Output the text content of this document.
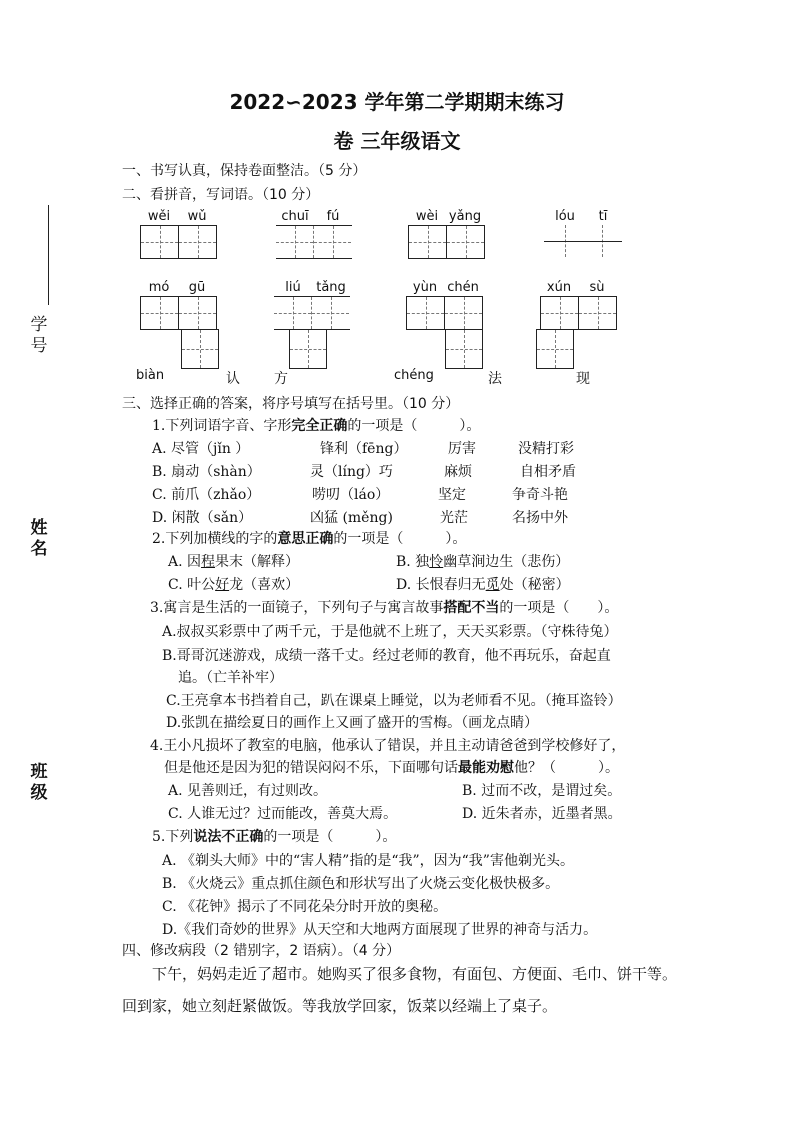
2022∽2023 学年第二学期期末练习
卷 三年级语文
学号
姓名
班级
一、书写认真，保持卷面整洁。（5 分）
二、看拼音，写词语。（10 分）
wěi	wǔ	chuī	fú	wèi yǎng	lóu	tī
mó	gū	liú	tǎng	yùn chén	xún	sù
biàn	认 方	chéng	法	现
三、选择正确的答案，将序号填写在括号里。（10 分）
1.下列词语字音、字形完全正确的一项是（　　　）。
A. 尽管（jǐn ）	锋利（fēng）	厉害	没精打彩
B. 扇动（shàn）	灵（líng）巧	麻烦	自相矛盾
C. 前爪（zhǎo）	唠叨（láo）	坚定	争奇斗艳
D. 闲散（sǎn）	凶猛 (měng)	光茫	名扬中外
2.下列加横线的字的意思正确的一项是（　　　）。
A. 因程果末（解释）	B. 独怜幽草涧边生（悲伤）
C. 叶公好龙（喜欢）	D. 长恨春归无觅处（秘密）
3.寓言是生活的一面镜子，下列句子与寓言故事搭配不当的一项是（　　）。
A.叔叔买彩票中了两千元，于是他就不上班了，天天买彩票。（守株待兔）
B.哥哥沉迷游戏，成绩一落千丈。经过老师的教育，他不再玩乐，奋起直
追。（亡羊补牢）
C.王亮拿本书挡着自己，趴在课桌上睡觉，以为老师看不见。（掩耳盗铃）
D.张凯在描绘夏日的画作上又画了盛开的雪梅。（画龙点睛）
4.王小凡损坏了教室的电脑，他承认了错误，并且主动请爸爸到学校修好了，
但是他还是因为犯的错误闷闷不乐，下面哪句话最能劝慰他？（　　　）。
A. 见善则迁，有过则改。	B. 过而不改，是谓过矣。
C. 人谁无过？过而能改，善莫大焉。	D. 近朱者赤，近墨者黑。
5.下列说法不正确的一项是（　　　）。
A. 《剃头大师》中的“害人精”指的是“我”，因为“我”害他剃光头。
B. 《火烧云》重点抓住颜色和形状写出了火烧云变化极快极多。
C. 《花钟》揭示了不同花朵分时开放的奥秘。
D.《我们奇妙的世界》从天空和大地两方面展现了世界的神奇与活力。
四、修改病段（2 错别字，2 语病）。（4 分）
下午，妈妈走近了超市。她购买了很多食物，有面包、方便面、毛巾、饼干等。回到家，她立刻赶紧做饭。等我放学回家，饭菜以经端上了桌子。
